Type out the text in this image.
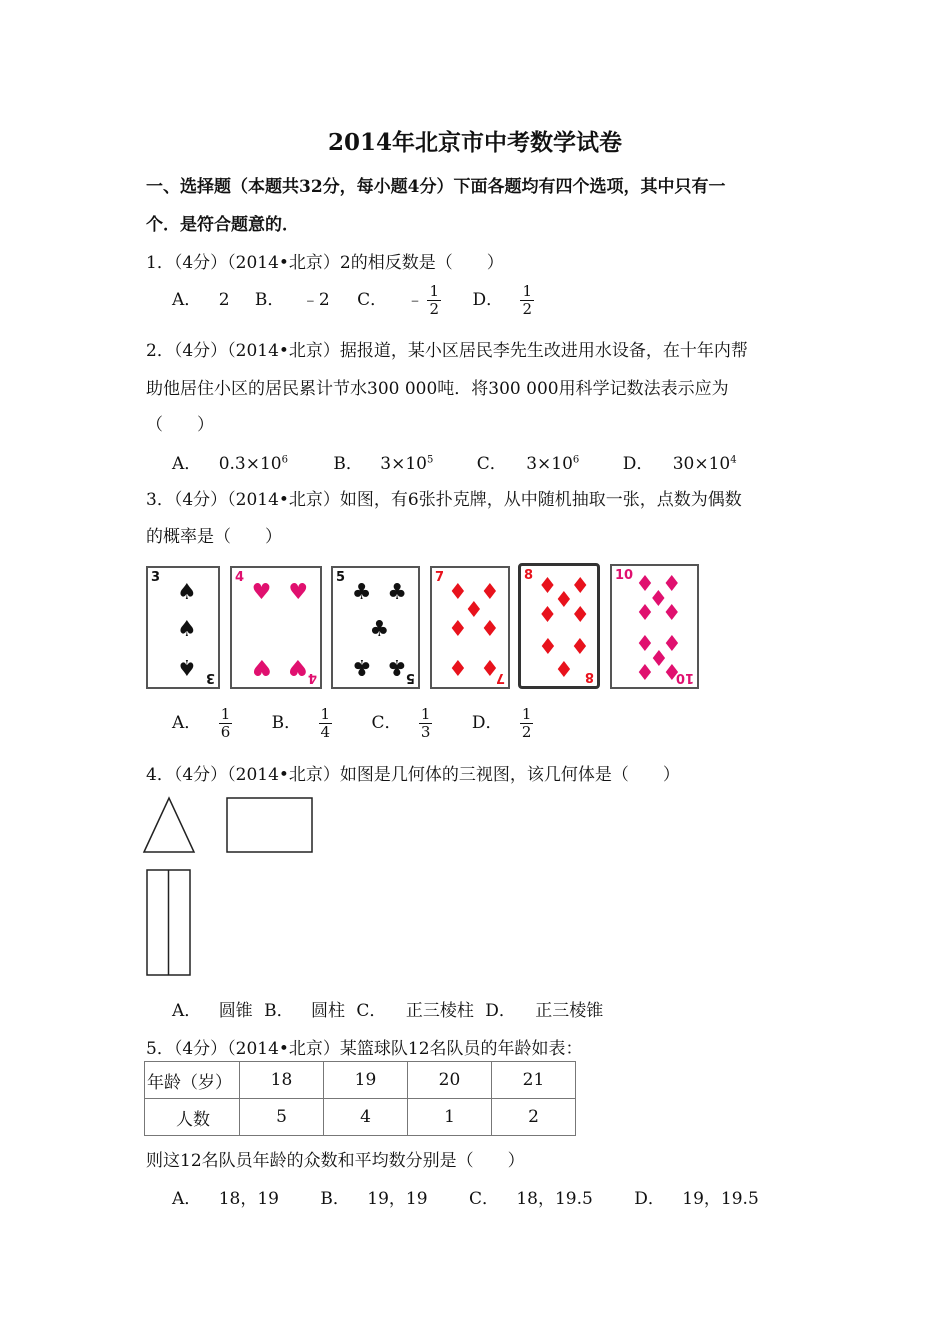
2014年北京市中考数学试卷
一、选择题（本题共32分，每小题4分）下面各题均有四个选项，其中只有一
个．是符合题意的．
1．（4分）（2014•北京）2的相反数是（　　）
A． 2 B． ﹣2 C． ﹣ $\frac{1}{2}$ D． $\frac{1}{2}$
2．（4分）（2014•北京）据报道，某小区居民李先生改进用水设备，在十年内帮
助他居住小区的居民累计节水300 000吨．将300 000用科学记数法表示应为
（　　）
A． $0.3\times 10^6$	B． $3\times 10^5$	C． $3\times 10^6$	D． $30\times 10^4$
3．（4分）（2014•北京）如图，有6张扑克牌，从中随机抽取一张，点数为偶数
的概率是（　　）
3
3
♠
♠
♠
4
4
♥ ♥
♥ ♥
5
5
♣ ♣
♣
♣ ♣
7
7
♦ ♦
♦
♦ ♦
♦ ♦
8
8
♦ ♦
♦ ♦
♦
♦ ♦
♦
10
10
♦ ♦
♦
♦ ♦
♦ ♦
♦
♦ ♦
A． $\frac{1}{6}$ B． $\frac{1}{4}$ C． $\frac{1}{3}$ D． $\frac{1}{2}$
4．（4分）（2014•北京）如图是几何体的三视图，该几何体是（　　）
A． 圆锥 B． 圆柱 C． 正三棱柱 D． 正三棱锥
5．（4分）（2014•北京）某篮球队12名队员的年龄如表：
年龄（岁）	18	19	20	21
人数	5	4	1	2
则这12名队员年龄的众数和平均数分别是（　　）
A． 18，19 B． 19，19 C． 18，19.5 D． 19，19.5
